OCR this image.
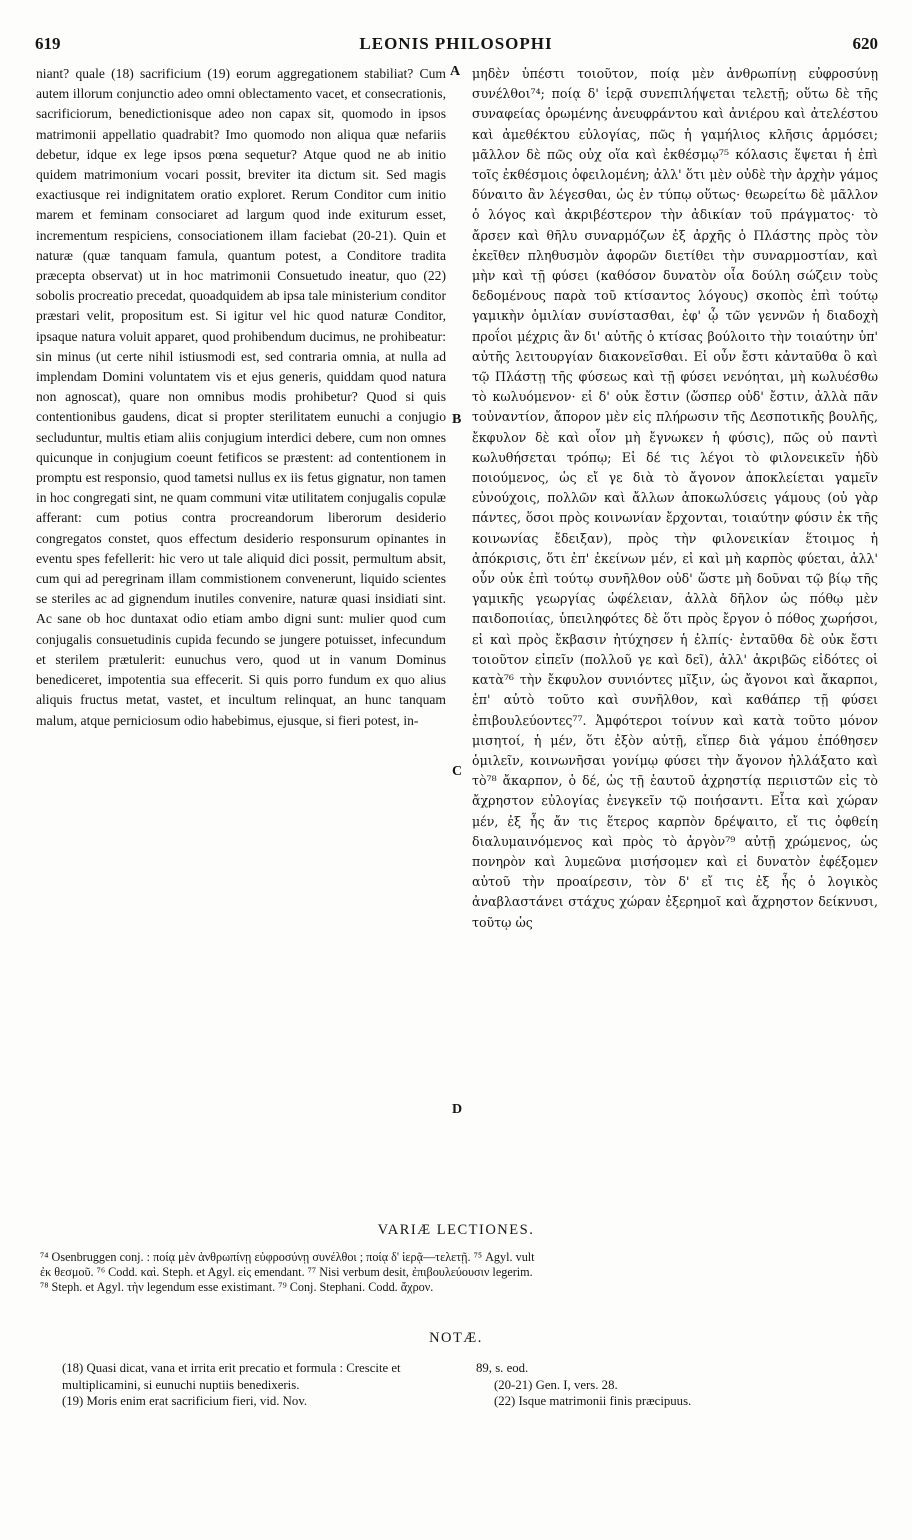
619	LEONIS PHILOSOPHI	620

niant? quale (18) sacrificium (19) eorum aggregationem stabiliat? Cum autem illorum conjunctio adeo omni oblectamento vacet, et consecrationis, sacrificiorum, benedictionisque adeo non capax sit, quomodo in ipsos matrimonii appellatio quadrabit? Imo quomodo non aliqua quæ nefariis debetur, idque ex lege ipsos pœna sequetur? Atque quod ne ab initio quidem matrimonium vocari possit, breviter ita dictum sit. Sed magis exactiusque rei indignitatem oratio exploret. Rerum Conditor cum initio marem et feminam consociaret ad largum quod inde exiturum esset, incrementum respiciens, consociationem illam faciebat (20-21). Quin et naturæ (quæ tanquam famula, quantum potest, a Conditore tradita præcepta observat) ut in hoc matrimonii Consuetudo ineatur, quo (22) sobolis procreatio precedat, quoadquidem ab ipsa tale ministerium conditor præstari velit, propositum est. Si igitur vel hic quod naturæ Conditor, ipsaque natura voluit apparet, quod prohibendum ducimus, ne prohibeatur: sin minus (ut certe nihil istiusmodi est, sed contraria omnia, at nulla ad implendam Domini voluntatem vis et ejus generis, quiddam quod natura non agnoscat), quare non omnibus modis prohibetur? Quod si quis contentionibus gaudens, dicat si propter sterilitatem eunuchi a conjugio secluduntur, multis etiam aliis conjugium interdici debere, cum non omnes quicunque in conjugium coeunt fetificos se præstent: ad contentionem in promptu est responsio, quod tametsi nullus ex iis fetus gignatur, non tamen in hoc congregati sint, ne quam communi vitæ utilitatem conjugalis copulæ afferant: cum potius contra procreandorum liberorum desiderio congregatos constet, quos effectum desiderio responsurum opinantes in eventu spes fefellerit: hic vero ut tale aliquid dici possit, permultum absit, cum qui ad peregrinam illam commistionem convenerunt, liquido scientes se steriles ac ad gignendum inutiles convenire, naturæ quasi insidiati sint. Ac sane ob hoc duntaxat odio etiam ambo digni sunt: mulier quod cum conjugalis consuetudinis cupida fecundo se jungere potuisset, infecundum et sterilem prætulerit: eunuchus vero, quod ut in vanum Dominus benediceret, impotentia sua effecerit. Si quis porro fundum ex quo alius aliquis fructus metat, vastet, et incultum relinquat, an hunc tanquam malum, atque perniciosum odio habebimus, ejusque, si fieri potest, in-

A
B
C
D

μηδὲν ὑπέστι τοιοῦτον, ποίᾳ μὲν ἀνθρωπίνῃ εὐφροσύνῃ συνέλθοι⁷⁴; ποίᾳ δ' ἱερᾷ συνεπιλήψεται τελετῇ; οὕτω δὲ τῆς συναφείας ὁρωμένης ἀνευφράντου καὶ ἀνιέρου καὶ ἀτελέστου καὶ ἀμεθέκτου εὐλογίας, πῶς ἡ γαμήλιος κλῆσις ἁρμόσει; μᾶλλον δὲ πῶς οὐχ οἵα καὶ ἐκθέσμῳ⁷⁵ κόλασις ἕψεται ἡ ἐπὶ τοῖς ἐκθέσμοις ὀφειλομένη; ἀλλ' ὅτι μὲν οὐδὲ τὴν ἀρχὴν γάμος δύναιτο ἂν λέγεσθαι, ὡς ἐν τύπῳ οὕτως· θεωρείτω δὲ μᾶλλον ὁ λόγος καὶ ἀκριβέστερον τὴν ἀδικίαν τοῦ πράγματος· τὸ ἄρσεν καὶ θῆλυ συναρμόζων ἐξ ἀρχῆς ὁ Πλάστης πρὸς τὸν ἐκεῖθεν πληθυσμὸν ἀφορῶν διετίθει τὴν συναρμοστίαν, καὶ μὴν καὶ τῇ φύσει (καθόσον δυνατὸν οἷα δούλη σώζειν τοὺς δεδομένους παρὰ τοῦ κτίσαντος λόγους) σκοπὸς ἐπὶ τούτῳ γαμικὴν ὁμιλίαν συνίστασθαι, ἐφ' ᾧ τῶν γεννῶν ἡ διαδοχὴ προΐοι μέχρις ἂν δι' αὐτῆς ὁ κτίσας βούλοιτο τὴν τοιαύτην ὑπ' αὐτῆς λειτουργίαν διακονεῖσθαι. Εἰ οὖν ἔστι κἀνταῦθα ὃ καὶ τῷ Πλάστῃ τῆς φύσεως καὶ τῇ φύσει νενόηται, μὴ κωλυέσθω τὸ κωλυόμενον· εἰ δ' οὐκ ἔστιν (ὥσπερ οὐδ' ἔστιν, ἀλλὰ πᾶν τοὐναντίον, ἄπορον μὲν εἰς πλήρωσιν τῆς Δεσποτικῆς βουλῆς, ἔκφυλον δὲ καὶ οἷον μὴ ἔγνωκεν ἡ φύσις), πῶς οὐ παντὶ κωλυθήσεται τρόπῳ; Εἰ δέ τις λέγοι τὸ φιλονεικεῖν ἡδὺ ποιούμενος, ὡς εἴ γε διὰ τὸ ἄγονον ἀποκλείεται γαμεῖν εὐνούχοις, πολλῶν καὶ ἄλλων ἀποκωλύσεις γάμους (οὐ γὰρ πάντες, ὅσοι πρὸς κοινωνίαν ἔρχονται, τοιαύτην φύσιν ἐκ τῆς κοινωνίας ἔδειξαν), πρὸς τὴν φιλονεικίαν ἕτοιμος ἡ ἀπόκρισις, ὅτι ἐπ' ἐκείνων μέν, εἰ καὶ μὴ καρπὸς φύεται, ἀλλ' οὖν οὐκ ἐπὶ τούτῳ συνῆλθον οὐδ' ὥστε μὴ δοῦναι τῷ βίῳ τῆς γαμικῆς γεωργίας ὠφέλειαν, ἀλλὰ δῆλον ὡς πόθῳ μὲν παιδοποιίας, ὑπειληφότες δὲ ὅτι πρὸς ἔργον ὁ πόθος χωρήσοι, εἰ καὶ πρὸς ἔκβασιν ἠτύχησεν ἡ ἐλπίς· ἐνταῦθα δὲ οὐκ ἔστι τοιοῦτον εἰπεῖν (πολλοῦ γε καὶ δεῖ), ἀλλ' ἀκριβῶς εἰδότες οἱ κατὰ⁷⁶ τὴν ἔκφυλον συνιόντες μῖξιν, ὡς ἄγονοι καὶ ἄκαρποι, ἐπ' αὐτὸ τοῦτο καὶ συνῆλθον, καὶ καθάπερ τῇ φύσει ἐπιβουλεύοντες⁷⁷. Ἀμφότεροι τοίνυν καὶ κατὰ τοῦτο μόνον μισητοί, ἡ μέν, ὅτι ἐξὸν αὐτῇ, εἴπερ διὰ γάμου ἐπόθησεν ὁμιλεῖν, κοινωνῆσαι γονίμῳ φύσει τὴν ἄγονον ἠλλάξατο καὶ τὸ⁷⁸ ἄκαρπον, ὁ δέ, ὡς τῇ ἑαυτοῦ ἀχρηστίᾳ περιιστῶν εἰς τὸ ἄχρηστον εὐλογίας ἐνεγκεῖν τῷ ποιήσαντι. Εἶτα καὶ χώραν μέν, ἐξ ἧς ἄν τις ἕτερος καρπὸν δρέψαιτο, εἴ τις ὀφθείη διαλυμαινόμενος καὶ πρὸς τὸ ἀργὸν⁷⁹ αὐτῇ χρώμενος, ὡς πονηρὸν καὶ λυμεῶνα μισήσομεν καὶ εἰ δυνατὸν ἐφέξομεν αὐτοῦ τὴν προαίρεσιν, τὸν δ' εἴ τις ἐξ ἧς ὁ λογικὸς ἀναβλαστάνει στάχυς χώραν ἐξερημοῖ καὶ ἄχρηστον δείκνυσι, τοῦτῳ ὡς

VARIÆ LECTIONES.
⁷⁴ Osenbruggen conj. : ποίᾳ μὲν ἀνθρωπίνῃ εὐφροσύνῃ συνέλθοι ; ποίᾳ δ' ἱερᾷ—τελετῇ. ⁷⁵ Agyl. vult
ἐκ θεσμοῦ. ⁷⁶ Codd. καὶ. Steph. et Agyl. εἰς emendant. ⁷⁷ Nisi verbum desit, ἐπιβουλεύουσιν legerim.
⁷⁸ Steph. et Agyl. τὴν legendum esse existimant. ⁷⁹ Conj. Stephani. Codd. ἄχρον.
NOTÆ.

(18) Quasi dicat, vana et irrita erit precatio et formula : Crescite et multiplicamini, si eunuchi nuptiis benedixeris.

(19) Moris enim erat sacrificium fieri, vid. Nov.

89, s. eod.

(20-21) Gen. I, vers. 28.

(22) Isque matrimonii finis præcipuus.
